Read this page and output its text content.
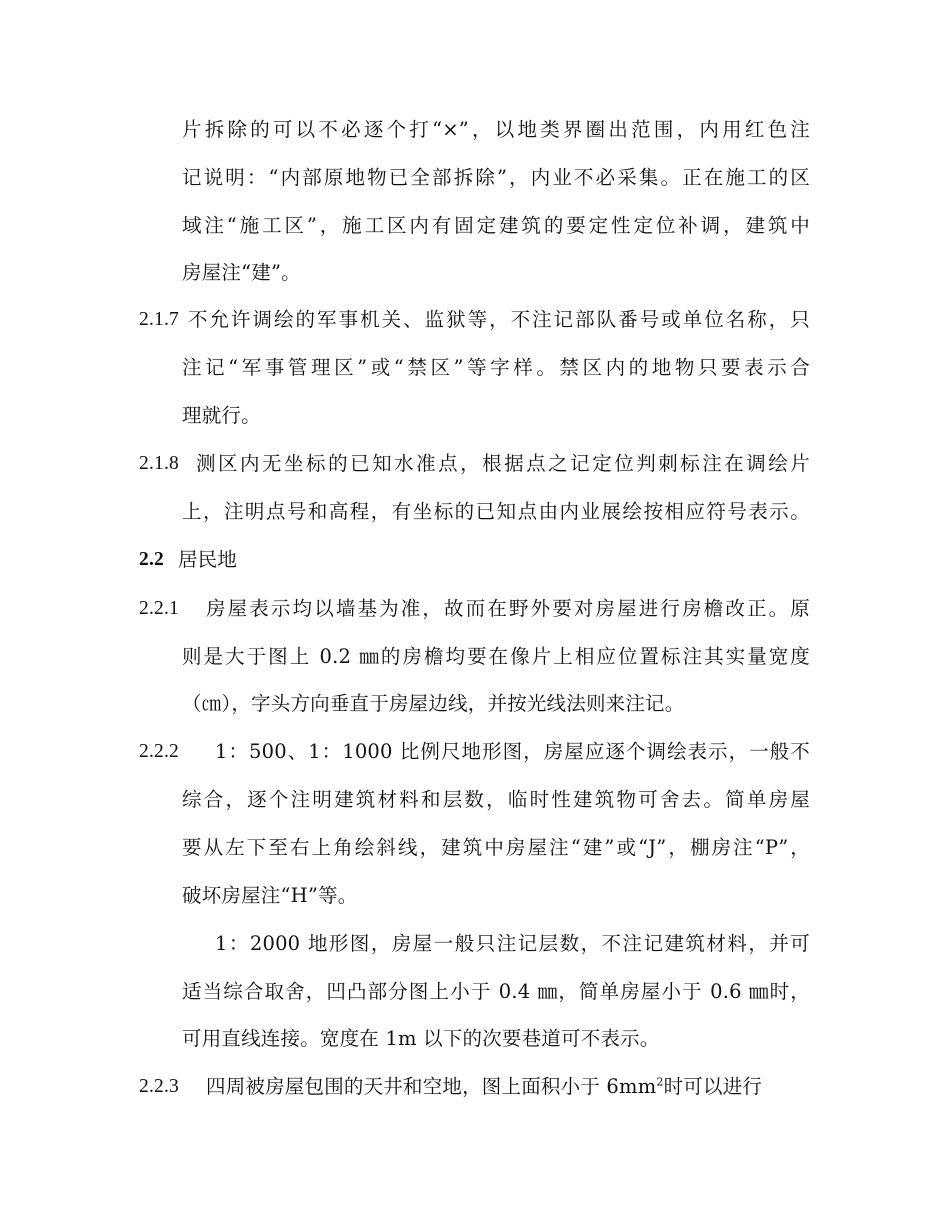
片拆除的可以不必逐个打“×”，以地类界圈出范围，内用红色注
记说明：“内部原地物已全部拆除”，内业不必采集。正在施工的区
域注“施工区”，施工区内有固定建筑的要定性定位补调，建筑中
房屋注“建”。
2.1.7 不允许调绘的军事机关、监狱等，不注记部队番号或单位名称，只
注记“军事管理区”或“禁区”等字样。禁区内的地物只要表示合
理就行。
2.1.8 测区内无坐标的已知水准点，根据点之记定位判刺标注在调绘片
上，注明点号和高程，有坐标的已知点由内业展绘按相应符号表示。
2.2 居民地
2.2.1 房屋表示均以墙基为准，故而在野外要对房屋进行房檐改正。原
则是大于图上 0.2 ㎜的房檐均要在像片上相应位置标注其实量宽度
（㎝），字头方向垂直于房屋边线，并按光线法则来注记。
2.2.2 1：500、1：1000 比例尺地形图，房屋应逐个调绘表示，一般不
综合，逐个注明建筑材料和层数，临时性建筑物可舍去。简单房屋
要从左下至右上角绘斜线，建筑中房屋注“建”或“J”，棚房注“P”，
破坏房屋注“H”等。
1：2000 地形图，房屋一般只注记层数，不注记建筑材料，并可
适当综合取舍，凹凸部分图上小于 0.4 ㎜，简单房屋小于 0.6 ㎜时，
可用直线连接。宽度在 1m 以下的次要巷道可不表示。
2.2.3 四周被房屋包围的天井和空地，图上面积小于 $6mm^2$时可以进行
